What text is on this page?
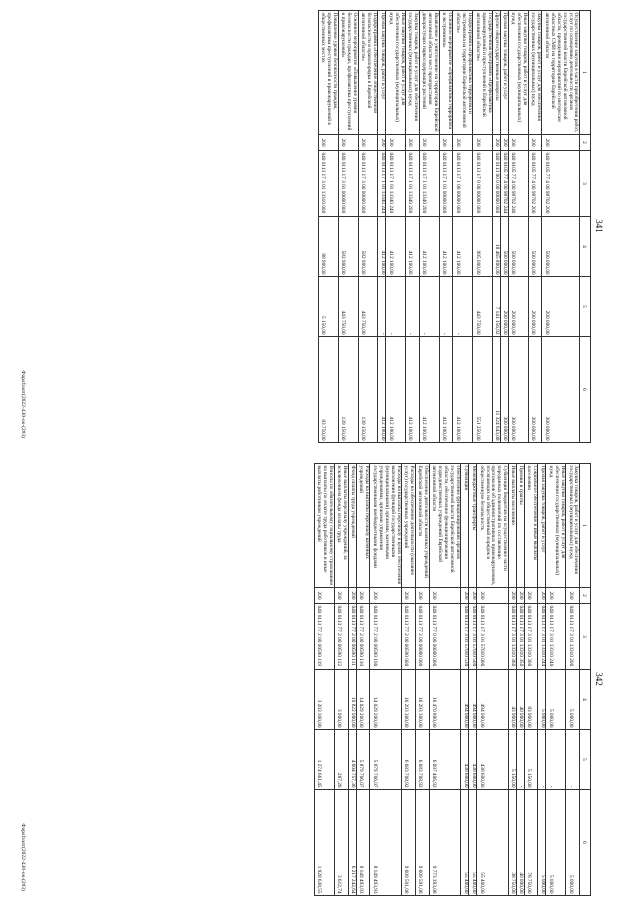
341
1	2	3	4	5	6
Осуществление закупок в части приобретения работ, услуг по освещению деятельности органов государственной власти Еврейской автономной области, проведения мероприятий по интересам областных СМИ на территории Еврейской автономной области	200	040 0105 77 4 00 98702 200	500 000,00	200 000,00	300 000,00
Закупка товаров, работ и услуг для обеспечения государственных (муниципальных) нужд	200	040 0105 77 4 00 98702 200	500 000,00	200 000,00	300 000,00
Иные закупки товаров, работ и услуг для обеспечения государственных (муниципальных) нужд	200	040 0105 77 4 00 98702 240	500 000,00	200 000,00	300 000,00
Прочая закупка товаров, работ и услуг	200	040 0105 77 4 00 98702 244	500 000,00	200 000,00	300 000,00
Другие общегосударственные вопросы	200	040 0113 00 0 00 00000 000	18 465 800,00	7 141 156,92	11 324 643,08
Государственная программа «Профилактика правонарушений и преступлений в Еврейской автономной области»	200	040 0113 17 0 00 00000 000	995 000,00	443 750,00	551 250,00
Подпрограмма «Профилактика терроризма и экстремизма на территории Еврейской автономной области»	200	040 0113 17 1 00 00000 000	412 100,00	-	412 100,00
Основное мероприятие «Профилактика терроризма и экстремизма»	200	040 0113 17 1 01 00000 000	412 100,00	-	412 100,00
Выявление и уничтожение на территории Еврейской автономной области мест произрастания дикорастущих наркосодержащих растений	200	040 0113 17 1 01 13340 200	412 100,00	-	412 100,00
Закупка товаров, работ и услуг для обеспечения государственных (муниципальных) нужд	200	040 0113 17 1 01 13340 200	412 100,00	-	412 100,00
Иные закупки товаров, работ и услуг для обеспечения государственных (муниципальных) нужд	200	040 0113 17 1 01 13340 240	412 100,00	-	412 100,00
Прочая закупка товаров, работ и услуг	200	040 0113 17 1 01 13340 244	412 100,00	-	412 100,00
Подпрограмма «Обеспечение общественной безопасности и правопорядка в Еврейской автономной области»	200	040 0113 17 3 00 00000 000	582 900,00	443 750,00	139 150,00
Основное мероприятие «Повышение уровня безопасности граждан, профилактика преступлений и правонарушений»	200	040 0113 17 3 01 00000 000	582 900,00	443 750,00	139 150,00
Повышение уровня безопасности граждан, профилактика преступлений и правонарушений в общественных местах	200	040 0113 17 3 01 13310 000	88 900,00	5 150,00	83 750,00
Фараfаэлт(2022-430-ок-(2#3)
342
1	2	3	4	5	6
Закупка товаров, работ и услуг для обеспечения государственных (муниципальных) нужд	200	040 0113 17 3 01 13310 200	5 000,00	-	5 000,00
Иные закупки товаров, работ и услуг для обеспечения государственных (муниципальных) нужд	200	040 0113 17 3 01 13310 240	5 000,00	-	5 000,00
Прочая закупка товаров, работ и услуг	200	040 0113 17 3 01 13310 244	5 000,00	-	5 000,00
Социальное обеспечение и иные выплаты населению	200	040 0113 17 3 01 13310 300	83 900,00	5 150,00	78 750,00
Премии и гранты	200	040 0113 17 3 01 13310 350	40 000,00	-	40 000,00
Иные выплаты населению	200	040 0113 17 3 01 13310 360	43 900,00	5 150,00	38 750,00
Субвенции бюджетам на осуществление части переданных полномочий по составлению протоколов об административных правонарушениях, посягающих на общественный порядок и общественную безопасность	200	040 0113 17 3 01 57010 000	494 000,00	438 600,00	55 400,00
Межбюджетные трансферты	200	040 0113 17 3 01 57010 500	494 000,00	438 600,00	55 400,00
Субвенции	200	040 0113 17 3 01 57010 530	494 000,00	438 600,00	55 400,00
Обеспечение функционирования органов государственной власти Еврейской автономной области, обеспечение функционирования подведомственных учреждений Еврейской автономной области	200	040 0113 77 0 00 00000 000	16 470 800,00	6 697 406,92	9 773 393,08
Обеспечение деятельности казенных учреждений Еврейской автономной области	200	040 0113 77 2 00 00000 000	16 293 300,00	6 683 708,92	9 609 591,08
Расходы на обеспечение деятельности (оказание услуг) государственных учреждений	200	040 0113 77 2 00 00590 000	16 293 300,00	6 683 708,92	9 609 591,08
Расходы на выплаты персоналу в целях обеспечения выполнения функций государственными (муниципальными) органами, казенными учреждениями, органами управления государственными внебюджетными фондами	200	040 0113 77 2 00 00590 100	14 029 200,00	5 879 706,07	8 149 493,93
Расходы на выплаты персоналу казенных учреждений	200	040 0113 77 2 00 00590 110	14 029 200,00	5 879 706,07	8 149 493,93
Фонд оплаты труда учреждений	200	040 0113 77 2 00 00590 111	10 822 000,00	4 604 757,36	6 217 242,64
Иные выплаты персоналу учреждений, за исключением фонда оплаты труда	200	040 0113 77 2 00 00590 112	3 900,00	287,26	3 612,74
Взносы по обязательному социальному страхованию на выплаты по оплате труда работников и иные выплаты работникам учреждений	200	040 0113 77 2 00 00590 119	3 203 300,00	1 274 661,45	1 928 638,55
Фараfаэлт(2022-430-ок-(2#3)
